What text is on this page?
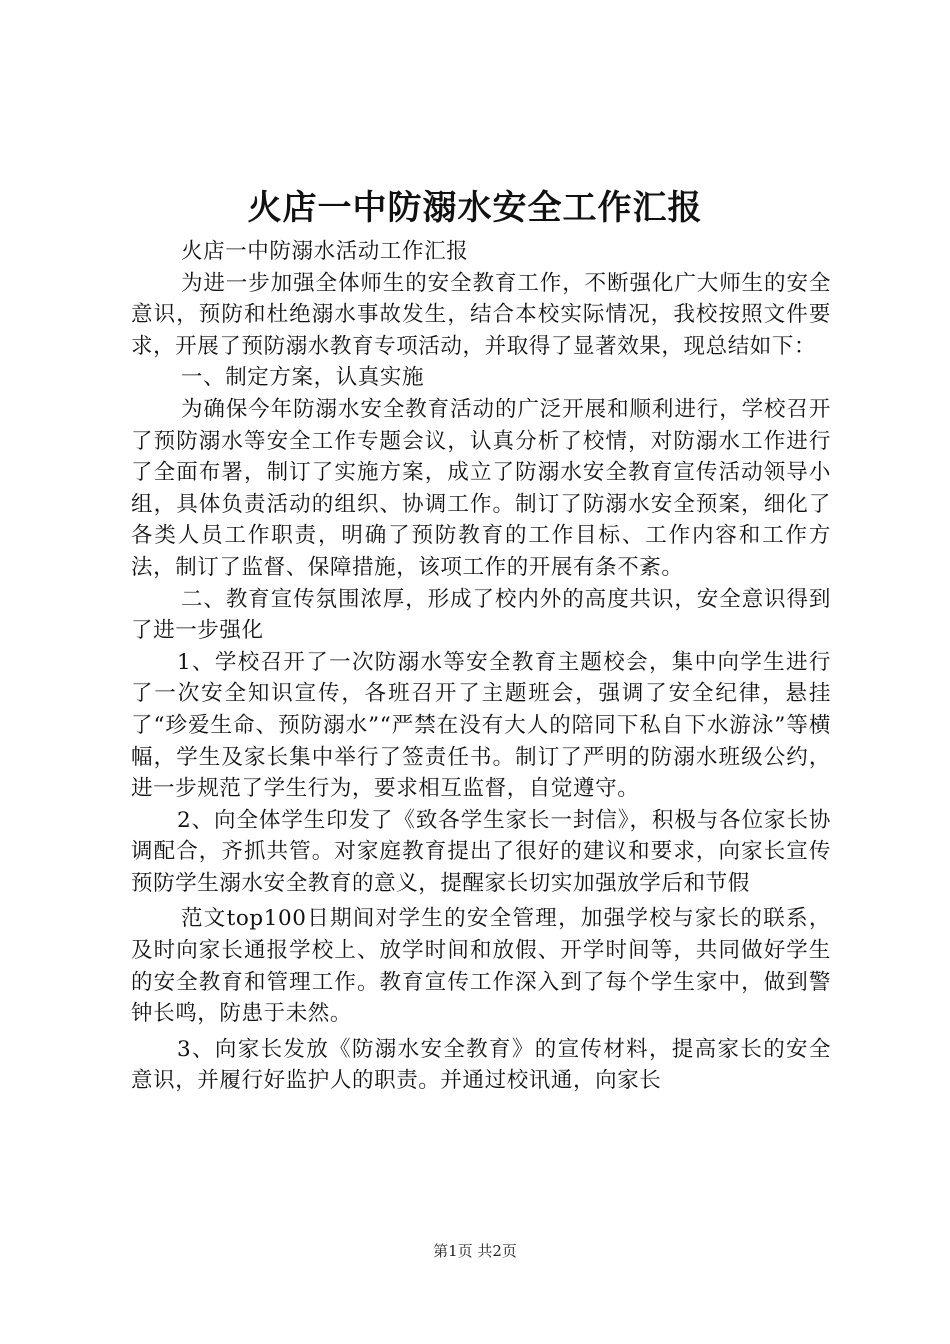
火店一中防溺水安全工作汇报

火店一中防溺水活动工作汇报

为进一步加强全体师生的安全教育工作，不断强化广大师生的安全意识，预防和杜绝溺水事故发生，结合本校实际情况，我校按照文件要求，开展了预防溺水教育专项活动，并取得了显著效果，现总结如下：

一、制定方案，认真实施

为确保今年防溺水安全教育活动的广泛开展和顺利进行，学校召开了预防溺水等安全工作专题会议，认真分析了校情，对防溺水工作进行了全面布署，制订了实施方案，成立了防溺水安全教育宣传活动领导小组，具体负责活动的组织、协调工作。制订了防溺水安全预案，细化了各类人员工作职责，明确了预防教育的工作目标、工作内容和工作方法，制订了监督、保障措施，该项工作的开展有条不紊。

二、教育宣传氛围浓厚，形成了校内外的高度共识，安全意识得到了进一步强化

1、学校召开了一次防溺水等安全教育主题校会，集中向学生进行了一次安全知识宣传，各班召开了主题班会，强调了安全纪律，悬挂了“珍爱生命、预防溺水”“严禁在没有大人的陪同下私自下水游泳”等横幅，学生及家长集中举行了签责任书。制订了严明的防溺水班级公约，进一步规范了学生行为，要求相互监督，自觉遵守。

2、向全体学生印发了《致各学生家长一封信》，积极与各位家长协调配合，齐抓共管。对家庭教育提出了很好的建议和要求，向家长宣传预防学生溺水安全教育的意义，提醒家长切实加强放学后和节假

范文top100日期间对学生的安全管理，加强学校与家长的联系，及时向家长通报学校上、放学时间和放假、开学时间等，共同做好学生的安全教育和管理工作。教育宣传工作深入到了每个学生家中，做到警钟长鸣，防患于未然。

3、向家长发放《防溺水安全教育》的宣传材料，提高家长的安全意识，并履行好监护人的职责。并通过校讯通，向家长

第1页 共2页
